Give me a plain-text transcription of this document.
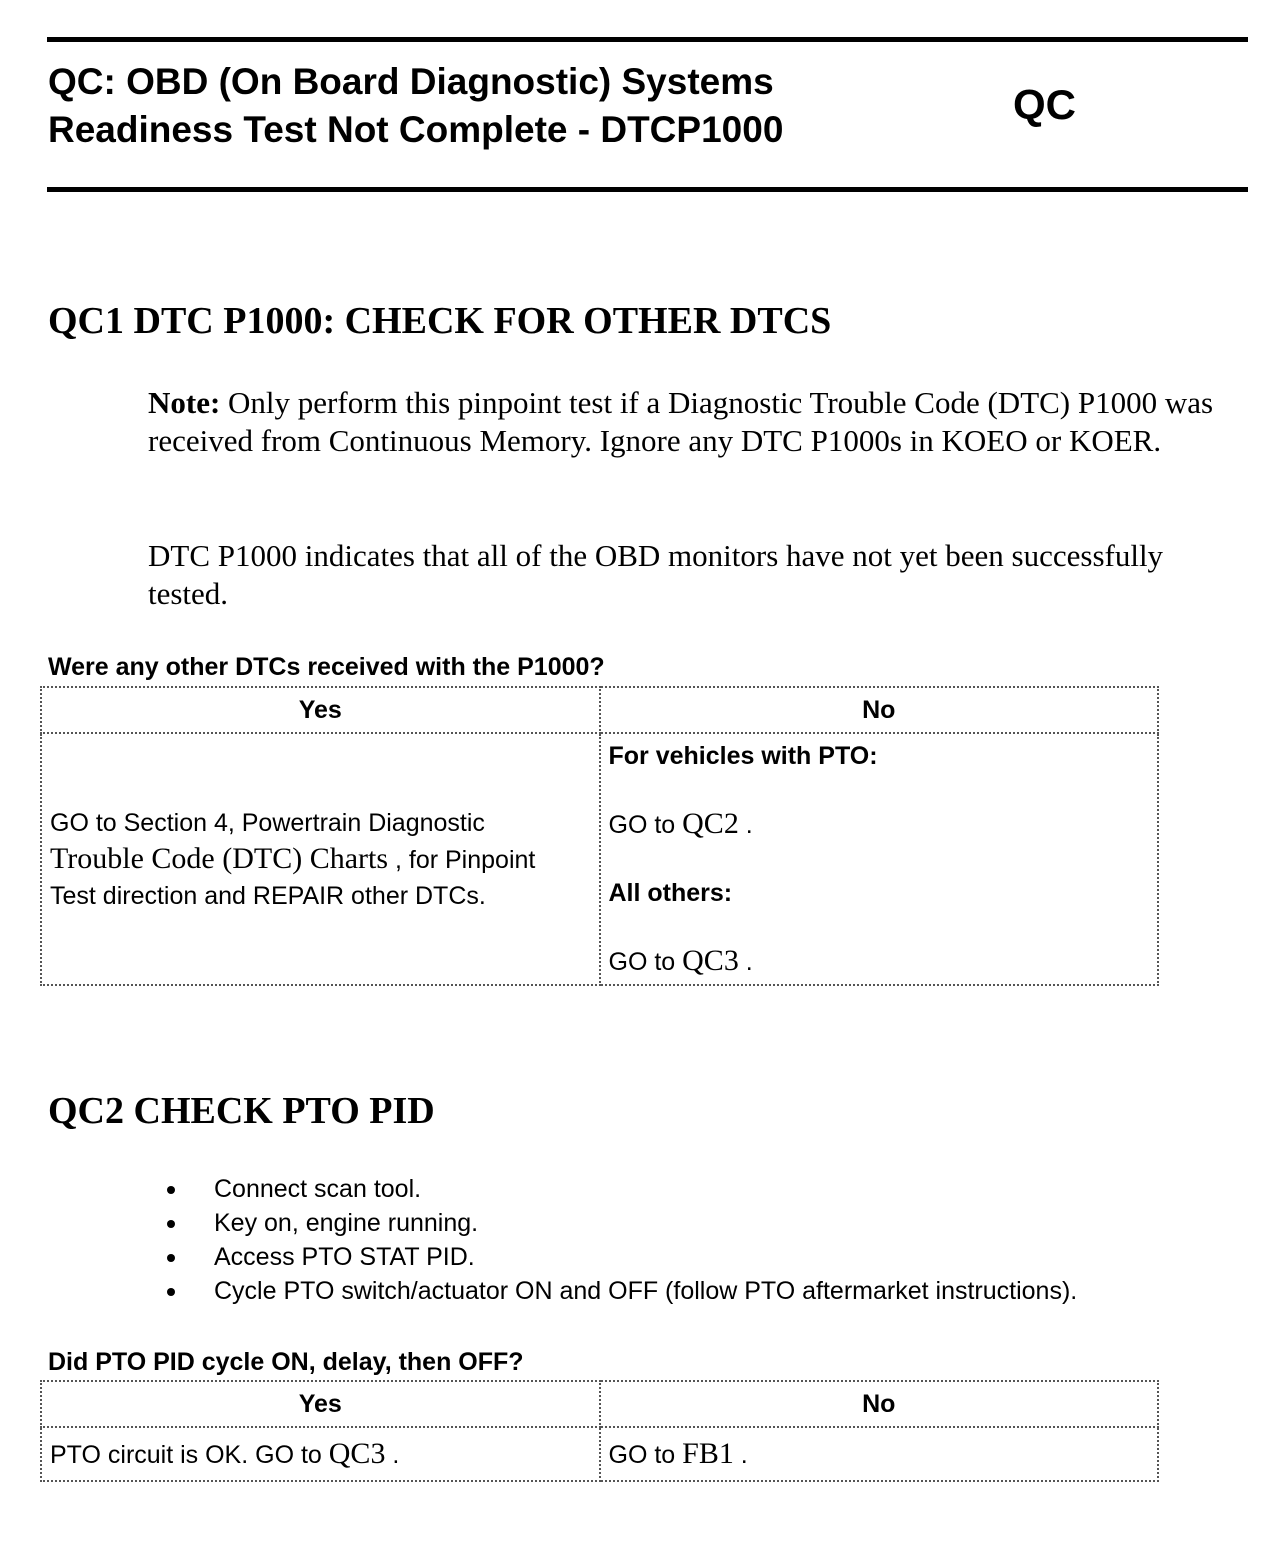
QC: OBD (On Board Diagnostic) Systems
Readiness Test Not Complete - DTCP1000
QC
QC1 DTC P1000: CHECK FOR OTHER DTCS
Note: Only perform this pinpoint test if a Diagnostic Trouble Code (DTC) P1000 was received from Continuous Memory. Ignore any DTC P1000s in KOEO or KOER.
DTC P1000 indicates that all of the OBD monitors have not yet been successfully tested.
Were any other DTCs received with the P1000?
Yes	No

GO to Section 4, Powertrain Diagnostic
Trouble Code (DTC) Charts , for Pinpoint
Test direction and REPAIR other DTCs.	For vehicles with PTO:
GO to QC2 .
All others:
GO to QC3 .
QC2 CHECK PTO PID
Connect scan tool.
Key on, engine running.
Access PTO STAT PID.
Cycle PTO switch/actuator ON and OFF (follow PTO aftermarket instructions).
Did PTO PID cycle ON, delay, then OFF?
Yes	No
PTO circuit is OK. GO to QC3 .	GO to FB1 .
